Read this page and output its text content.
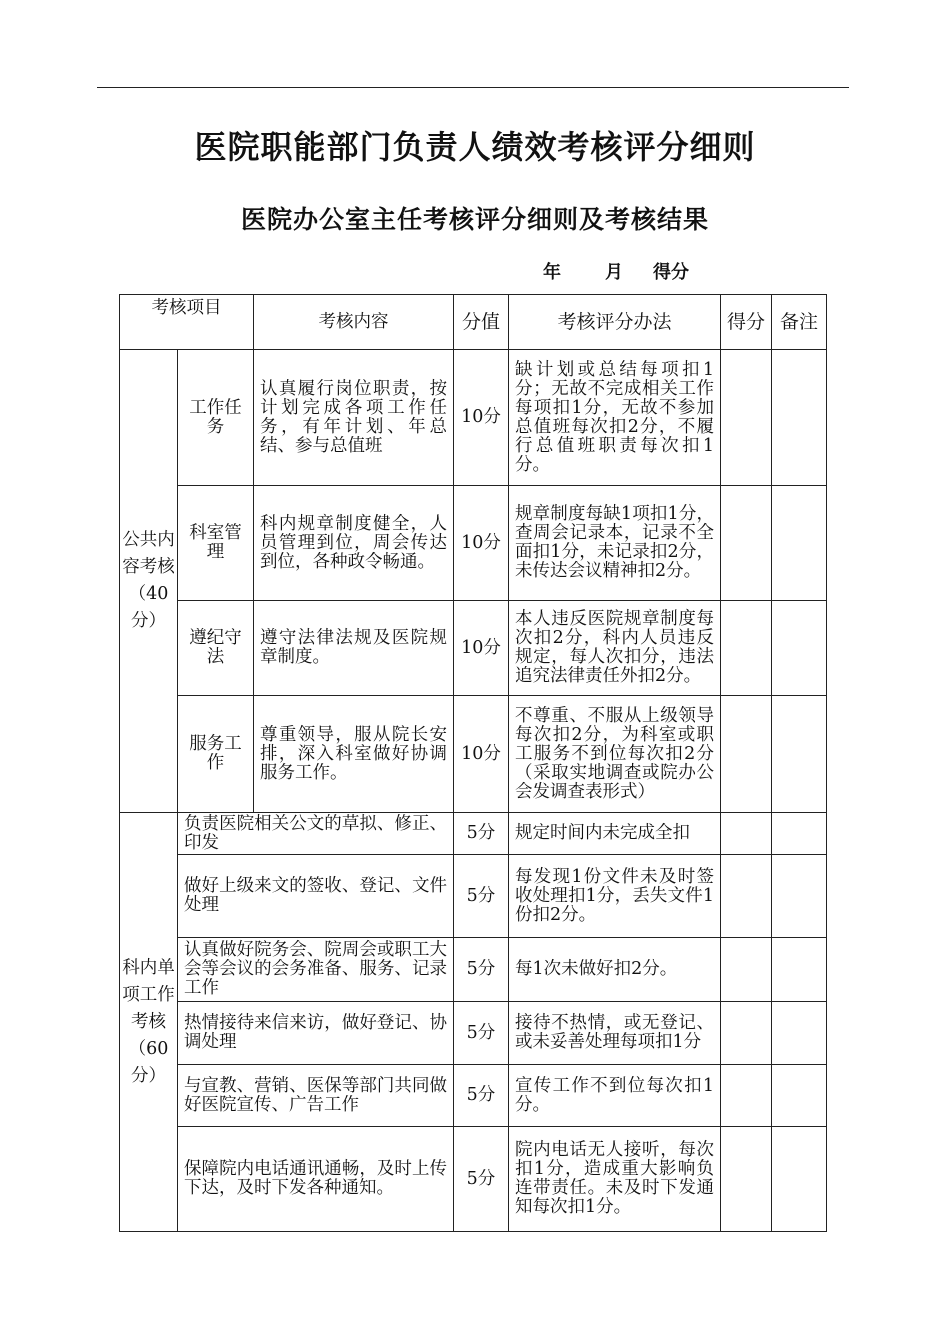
医院职能部门负责人绩效考核评分细则
医院办公室主任考核评分细则及考核结果
年 月 得分
考核项目		考核内容	分值	考核评分办法	得分	备注
公共内容考核（40分）	工作任务	认真履行岗位职责，按计划完成各项工作任务，有年计划、年总结、参与总值班	10分	缺计划或总结每项扣1分；无故不完成相关工作每项扣1分，无故不参加总值班每次扣2分，不履行总值班职责每次扣1分。		
	科室管理	科内规章制度健全，人员管理到位，周会传达到位，各种政令畅通。	10分	规章制度每缺1项扣1分，查周会记录本，记录不全面扣1分，未记录扣2分，未传达会议精神扣2分。		
	遵纪守法	遵守法律法规及医院规章制度。	10分	本人违反医院规章制度每次扣2分，科内人员违反规定，每人次扣分，违法追究法律责任外扣2分。		
	服务工作	尊重领导，服从院长安排，深入科室做好协调服务工作。	10分	不尊重、不服从上级领导每次扣2分，为科室或职工服务不到位每次扣2分（采取实地调查或院办公会发调查表形式）		
科内单项工作考核（60分）	负责医院相关公文的草拟、修正、印发		5分	规定时间内未完成全扣		
	做好上级来文的签收、登记、文件处理		5分	每发现1份文件未及时签收处理扣1分，丢失文件1份扣2分。		
	认真做好院务会、院周会或职工大会等会议的会务准备、服务、记录工作		5分	每1次未做好扣2分。		
	热情接待来信来访，做好登记、协调处理		5分	接待不热情，或无登记、或未妥善处理每项扣1分		
	与宣教、营销、医保等部门共同做好医院宣传、广告工作		5分	宣传工作不到位每次扣1分。		
	保障院内电话通讯通畅，及时上传下达，及时下发各种通知。		5分	院内电话无人接听，每次扣1分，造成重大影响负连带责任。未及时下发通知每次扣1分。		
